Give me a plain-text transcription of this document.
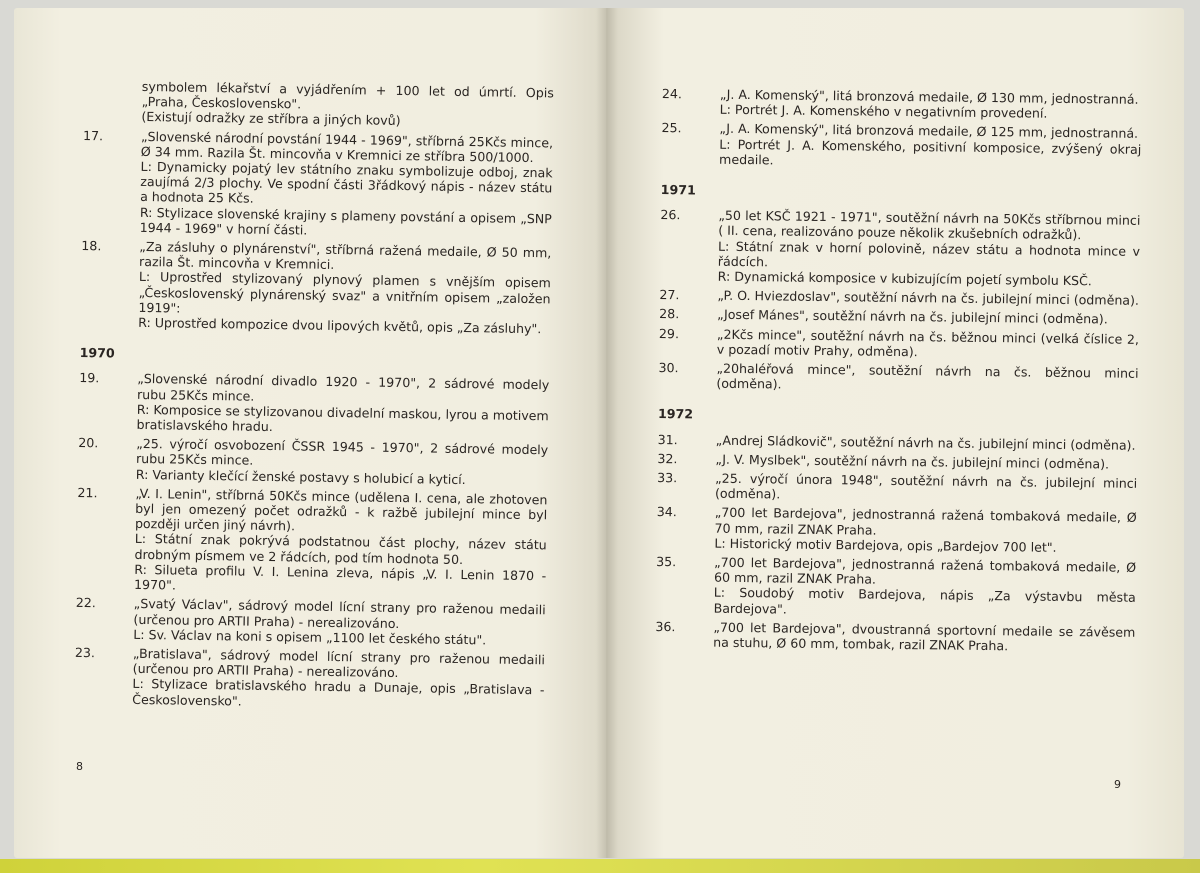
symbolem lékařství a vyjádřením + 100 let od úmrtí. Opis „Praha, Československo".
(Existují odražky ze stříbra a jiných kovů)
17.	„Slovenské národní povstání 1944 - 1969", stříbrná 25Kčs mince, Ø 34 mm. Razila Št. mincovňa v Kremnici ze stříbra 500/1000.
L: Dynamicky pojatý lev státního znaku symbolizuje odboj, znak zaujímá 2/3 plochy. Ve spodní části 3řádkový nápis - název státu a hodnota 25 Kčs.
R: Stylizace slovenské krajiny s plameny povstání a opisem „SNP 1944 - 1969" v horní části.
18.	„Za zásluhy o plynárenství", stříbrná ražená medaile, Ø 50 mm, razila Št. mincovňa v Kremnici.
L: Uprostřed stylizovaný plynový plamen s vnějším opisem „Československý plynárenský svaz" a vnitřním opisem „založen 1919":
R: Uprostřed kompozice dvou lipových květů, opis „Za zásluhy".
1970
19.	„Slovenské národní divadlo 1920 - 1970", 2 sádrové modely rubu 25Kčs mince.
R: Komposice se stylizovanou divadelní maskou, lyrou a motivem bratislavského hradu.
20.	„25. výročí osvobození ČSSR 1945 - 1970", 2 sádrové modely rubu 25Kčs mince.
R: Varianty klečící ženské postavy s holubicí a kyticí.
21.	„V. I. Lenin", stříbrná 50Kčs mince (udělena I. cena, ale zhotoven byl jen omezený počet odražků - k ražbě jubilejní mince byl později určen jiný návrh).
L: Státní znak pokrývá podstatnou část plochy, název státu drobným písmem ve 2 řádcích, pod tím hodnota 50.
R: Silueta profilu V. I. Lenina zleva, nápis „V. I. Lenin 1870 - 1970".
22.	„Svatý Václav", sádrový model lícní strany pro raženou medaili (určenou pro ARTII Praha) - nerealizováno.
L: Sv. Václav na koni s opisem „1100 let českého státu".
23.	„Bratislava", sádrový model lícní strany pro raženou medaili (určenou pro ARTII Praha) - nerealizováno.
L: Stylizace bratislavského hradu a Dunaje, opis „Bratislava - Československo".
8
24.	„J. A. Komenský", litá bronzová medaile, Ø 130 mm, jednostranná.
L: Portrét J. A. Komenského v negativním provedení.
25.	„J. A. Komenský", litá bronzová medaile, Ø 125 mm, jednostranná.
L: Portrét J. A. Komenského, positivní komposice, zvýšený okraj medaile.
1971
26.	„50 let KSČ 1921 - 1971", soutěžní návrh na 50Kčs stříbrnou minci ( II. cena, realizováno pouze několik zkušebních odražků).
L: Státní znak v horní polovině, název státu a hodnota mince v řádcích.
R: Dynamická komposice v kubizujícím pojetí symbolu KSČ.
27.	„P. O. Hviezdoslav", soutěžní návrh na čs. jubilejní minci (odměna).
28.	„Josef Mánes", soutěžní návrh na čs. jubilejní minci (odměna).
29.	„2Kčs mince", soutěžní návrh na čs. běžnou minci (velká číslice 2, v pozadí motiv Prahy, odměna).
30.	„20haléřová mince", soutěžní návrh na čs. běžnou minci (odměna).
1972
31.	„Andrej Sládkovič", soutěžní návrh na čs. jubilejní minci (odměna).
32.	„J. V. Myslbek", soutěžní návrh na čs. jubilejní minci (odměna).
33.	„25. výročí února 1948", soutěžní návrh na čs. jubilejní minci (odměna).
34.	„700 let Bardejova", jednostranná ražená tombaková medaile, Ø 70 mm, razil ZNAK Praha.
L: Historický motiv Bardejova, opis „Bardejov 700 let".
35.	„700 let Bardejova", jednostranná ražená tombaková medaile, Ø 60 mm, razil ZNAK Praha.
L: Soudobý motiv Bardejova, nápis „Za výstavbu města Bardejova".
36.	„700 let Bardejova", dvoustranná sportovní medaile se závěsem na stuhu, Ø 60 mm, tombak, razil ZNAK Praha.
9
